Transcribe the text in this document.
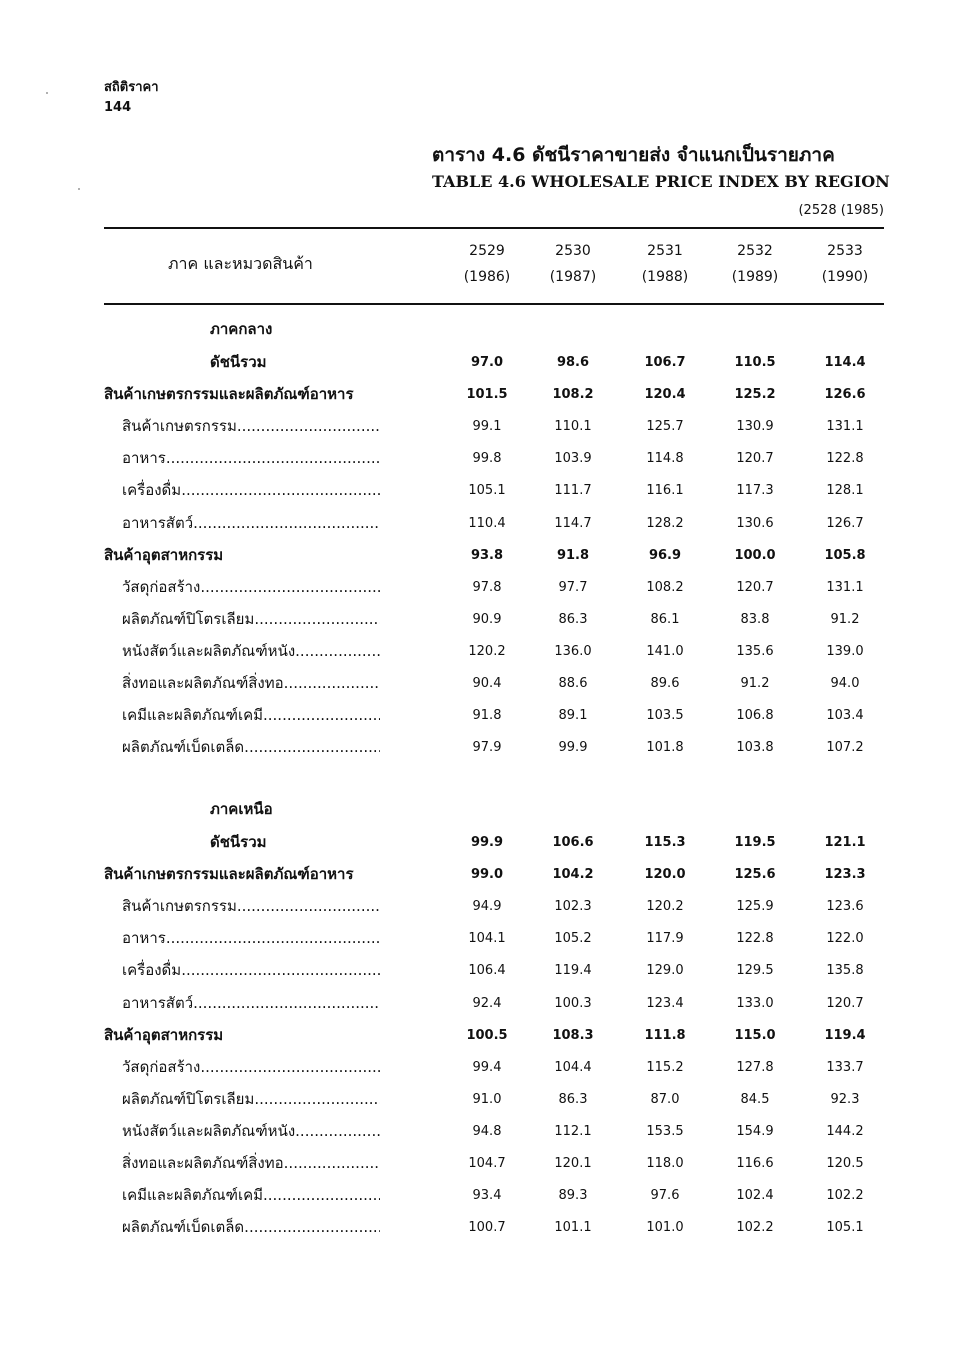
สถิติราคา
144
ตาราง 4.6 ดัชนีราคาขายส่ง จำแนกเป็นรายภาค
TABLE 4.6 WHOLESALE PRICE INDEX BY REGION
(2528 (1985)
ภาค และหมวดสินค้า
2529
(1986)
2530
(1987)
2531
(1988)
2532
(1989)
2533
(1990)
ภาคกลาง
ดัชนีรวม	97.0	98.6	106.7	110.5	114.4
สินค้าเกษตรกรรมและผลิตภัณฑ์อาหาร	101.5	108.2	120.4	125.2	126.6
สินค้าเกษตรกรรม .....	99.1	110.1	125.7	130.9	131.1
อาหาร .....	99.8	103.9	114.8	120.7	122.8
เครื่องดื่ม .....	105.1	111.7	116.1	117.3	128.1
อาหารสัตว์ .....	110.4	114.7	128.2	130.6	126.7
สินค้าอุตสาหกรรม	93.8	91.8	96.9	100.0	105.8
วัสดุก่อสร้าง .....	97.8	97.7	108.2	120.7	131.1
ผลิตภัณฑ์ปิโตรเลียม .....	90.9	86.3	86.1	83.8	91.2
หนังสัตว์และผลิตภัณฑ์หนัง .....	120.2	136.0	141.0	135.6	139.0
สิ่งทอและผลิตภัณฑ์สิ่งทอ .....	90.4	88.6	89.6	91.2	94.0
เคมีและผลิตภัณฑ์เคมี .....	91.8	89.1	103.5	106.8	103.4
ผลิตภัณฑ์เบ็ดเตล็ด .....	97.9	99.9	101.8	103.8	107.2
ภาคเหนือ
ดัชนีรวม	99.9	106.6	115.3	119.5	121.1
สินค้าเกษตรกรรมและผลิตภัณฑ์อาหาร	99.0	104.2	120.0	125.6	123.3
สินค้าเกษตรกรรม .....	94.9	102.3	120.2	125.9	123.6
อาหาร .....	104.1	105.2	117.9	122.8	122.0
เครื่องดื่ม .....	106.4	119.4	129.0	129.5	135.8
อาหารสัตว์ .....	92.4	100.3	123.4	133.0	120.7
สินค้าอุตสาหกรรม	100.5	108.3	111.8	115.0	119.4
วัสดุก่อสร้าง .....	99.4	104.4	115.2	127.8	133.7
ผลิตภัณฑ์ปิโตรเลียม .....	91.0	86.3	87.0	84.5	92.3
หนังสัตว์และผลิตภัณฑ์หนัง .....	94.8	112.1	153.5	154.9	144.2
สิ่งทอและผลิตภัณฑ์สิ่งทอ .....	104.7	120.1	118.0	116.6	120.5
เคมีและผลิตภัณฑ์เคมี .....	93.4	89.3	97.6	102.4	102.2
ผลิตภัณฑ์เบ็ดเตล็ด .....	100.7	101.1	101.0	102.2	105.1
